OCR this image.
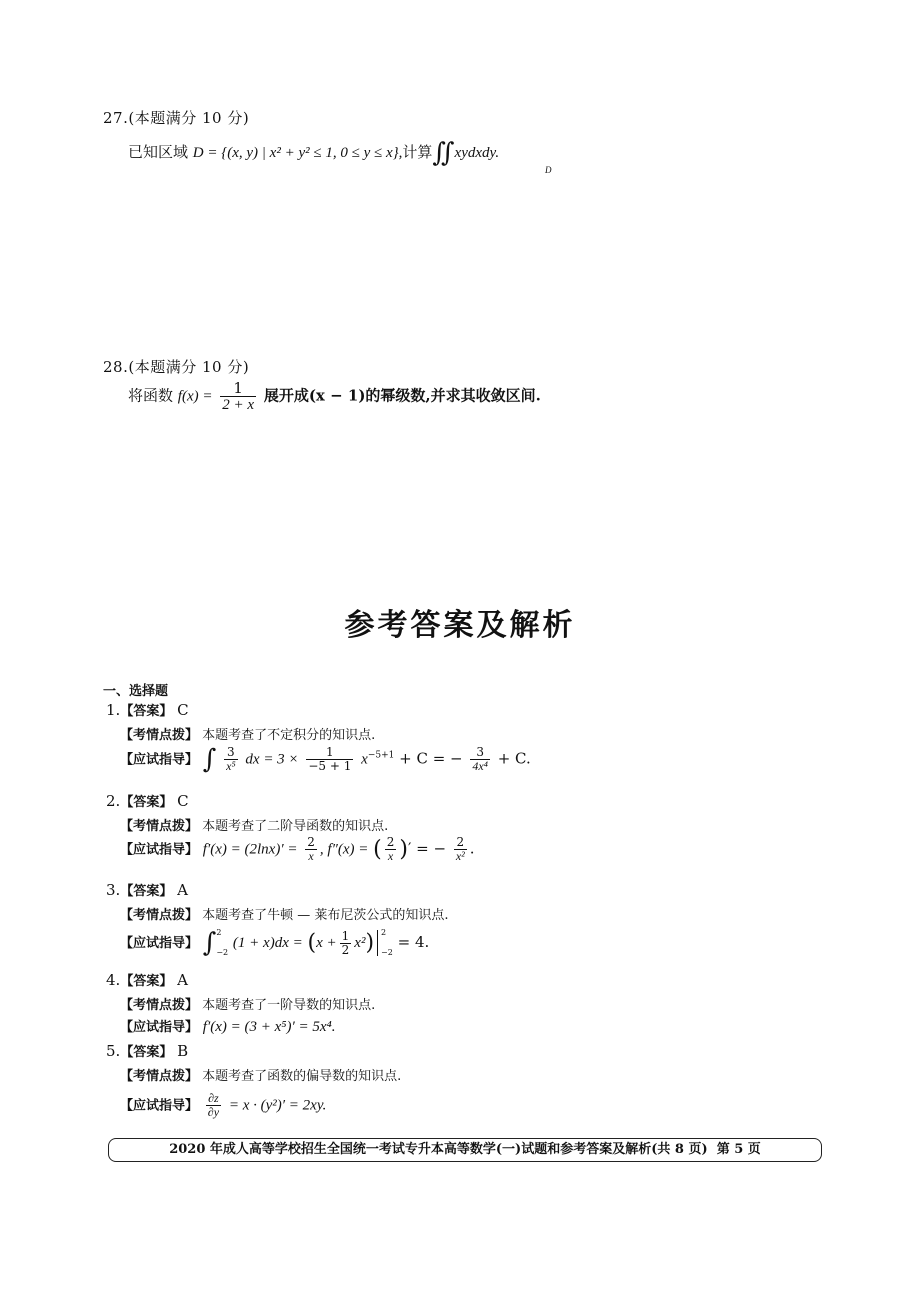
27.(本题满分 10 分)
已知区域 D = {(x, y) | x² + y² ≤ 1, 0 ≤ y ≤ x},计算∬xydxdy.
D
28.(本题满分 10 分)
将函数 $f(x) = \frac{1}{2 + x}$ 展开成(x − 1)的幂级数,并求其收敛区间.
参考答案及解析
一、选择题
1.【答案】 C
【考情点拨】 本题考查了不定积分的知识点.
【应试指导】 ∫ $\frac{3}{\text{x⁵}}$ dx = $3 \times \frac{1}{-5 + 1} x^{-5+1} + C$ = − $\frac{3}{\text{4x⁴}} + C$.
2.【答案】 C
【考情点拨】 本题考查了二阶导函数的知识点.
【应试指导】 $f'(x) = (2\ln x)' = \frac{2}{x}$ , f″(x) = ( $\frac{2}{x}$ )′ = − $\frac{2}{\text{x²}}$ .
3.【答案】 A
【考情点拨】 本题考查了牛顿 — 莱布尼茨公式的知识点.
【应试指导】 ∫2

−2 $(1 + x)dx = (x + \frac{1}{2} x^2)$ 2

−2 = 4.
4.【答案】 A
【考情点拨】 本题考查了一阶导数的知识点.
【应试指导】 f′(x) = (3 + x⁵)′ = 5x⁴.
5.【答案】 B
【考情点拨】 本题考查了函数的偏导数的知识点.
【应试指导】 $\frac{\partial z}{\partial y} = x \cdot (y^2)' = 2xy$.
2020 年成人高等学校招生全国统一考试专升本高等数学(一)试题和参考答案及解析(共 8 页) 第 5 页
